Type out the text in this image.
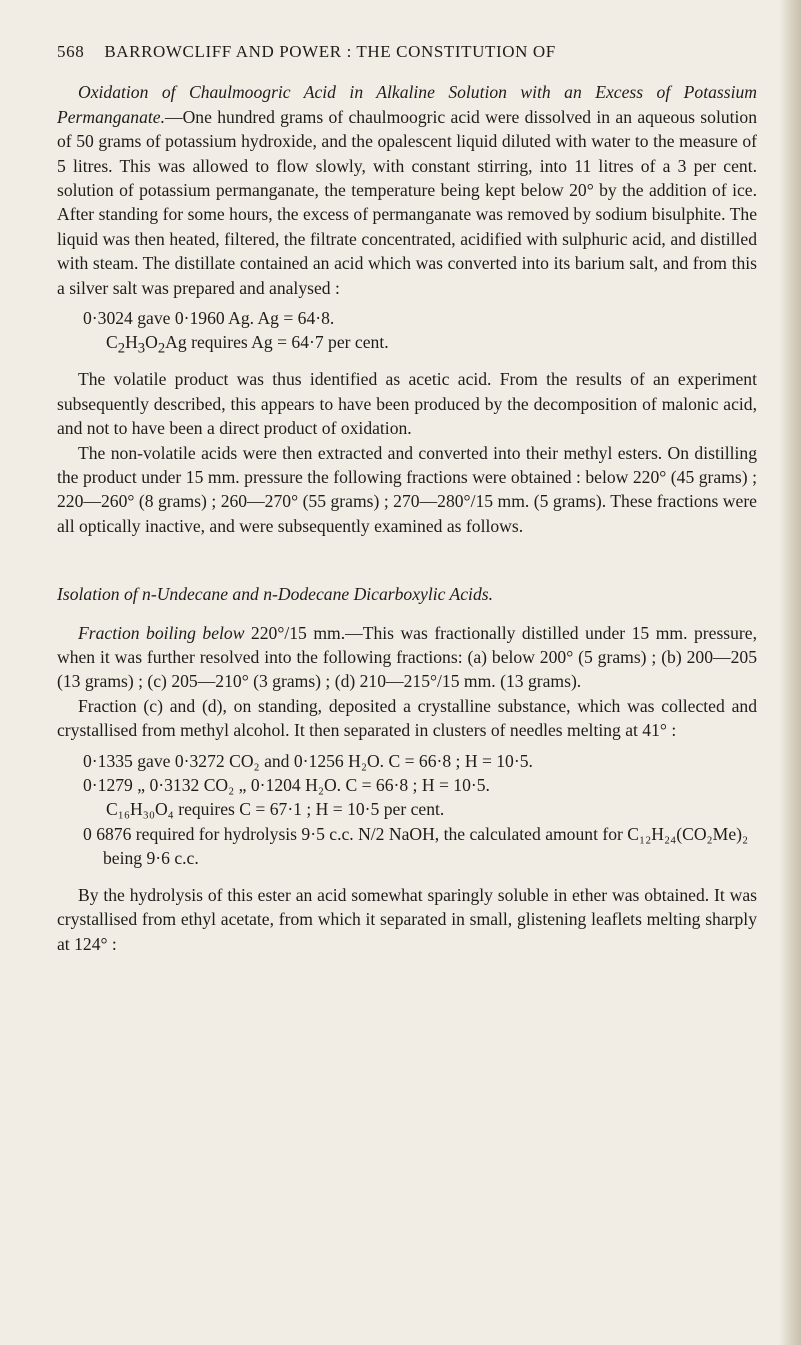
568 BARROWCLIFF AND POWER : THE CONSTITUTION OF

Oxidation of Chaulmoogric Acid in Alkaline Solution with an Excess of Potassium Permanganate.—One hundred grams of chaulmoogric acid were dissolved in an aqueous solution of 50 grams of potassium hydroxide, and the opalescent liquid diluted with water to the measure of 5 litres. This was allowed to flow slowly, with constant stirring, into 11 litres of a 3 per cent. solution of potassium permanganate, the temperature being kept below 20° by the addition of ice. After standing for some hours, the excess of permanganate was removed by sodium bisulphite. The liquid was then heated, filtered, the filtrate concentrated, acidified with sulphuric acid, and distilled with steam. The distillate contained an acid which was converted into its barium salt, and from this a silver salt was prepared and analysed :

0·3024 gave 0·1960 Ag. Ag = 64·8.
$C_2H_3O_2Ag$ requires Ag = 64·7 per cent.

The volatile product was thus identified as acetic acid. From the results of an experiment subsequently described, this appears to have been produced by the decomposition of malonic acid, and not to have been a direct product of oxidation.

The non-volatile acids were then extracted and converted into their methyl esters. On distilling the product under 15 mm. pressure the following fractions were obtained : below 220° (45 grams) ; 220—260° (8 grams) ; 260—270° (55 grams) ; 270—280°/15 mm. (5 grams). These fractions were all optically inactive, and were subsequently examined as follows.

Isolation of n-Undecane and n-Dodecane Dicarboxylic Acids.

Fraction boiling below 220°/15 mm.—This was fractionally distilled under 15 mm. pressure, when it was further resolved into the following fractions: (a) below 200° (5 grams) ; (b) 200—205 (13 grams) ; (c) 205—210° (3 grams) ; (d) 210—215°/15 mm. (13 grams).

Fraction (c) and (d), on standing, deposited a crystalline substance, which was collected and crystallised from methyl alcohol. It then separated in clusters of needles melting at 41° :

0·1335 gave 0·3272 CO₂ and 0·1256 H₂O. C = 66·8 ; H = 10·5.
0·1279 „ 0·3132 CO₂ „ 0·1204 H₂O. C = 66·8 ; H = 10·5.
C₁₆H₃₀O₄ requires C = 67·1 ; H = 10·5 per cent.
0 6876 required for hydrolysis 9·5 c.c. N/2 NaOH, the calculated amount for C₁₂H₂₄(CO₂Me)₂ being 9·6 c.c.

By the hydrolysis of this ester an acid somewhat sparingly soluble in ether was obtained. It was crystallised from ethyl acetate, from which it separated in small, glistening leaflets melting sharply at 124° :
